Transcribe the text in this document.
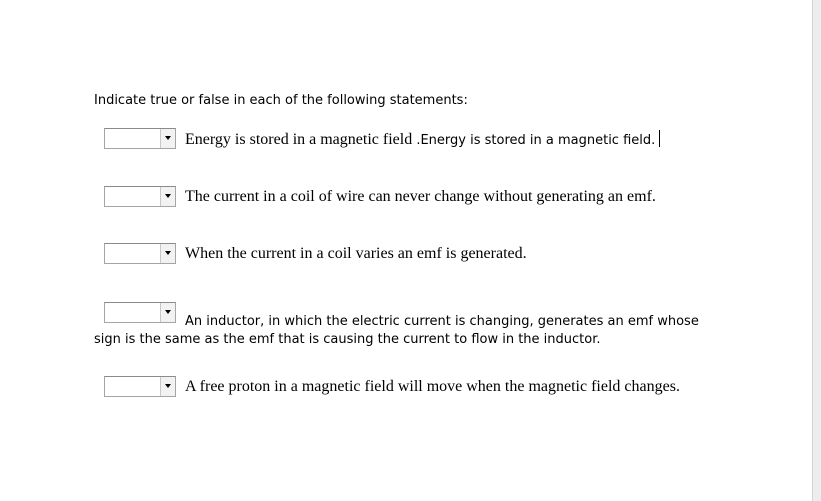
Indicate true or false in each of the following statements:
Energy is stored in a magnetic field .Energy is stored in a magnetic field.
The current in a coil of wire can never change without generating an emf.
When the current in a coil varies an emf is generated.
An inductor, in which the electric current is changing, generates an emf whose
sign is the same as the emf that is causing the current to flow in the inductor.
A free proton in a magnetic field will move when the magnetic field changes.
